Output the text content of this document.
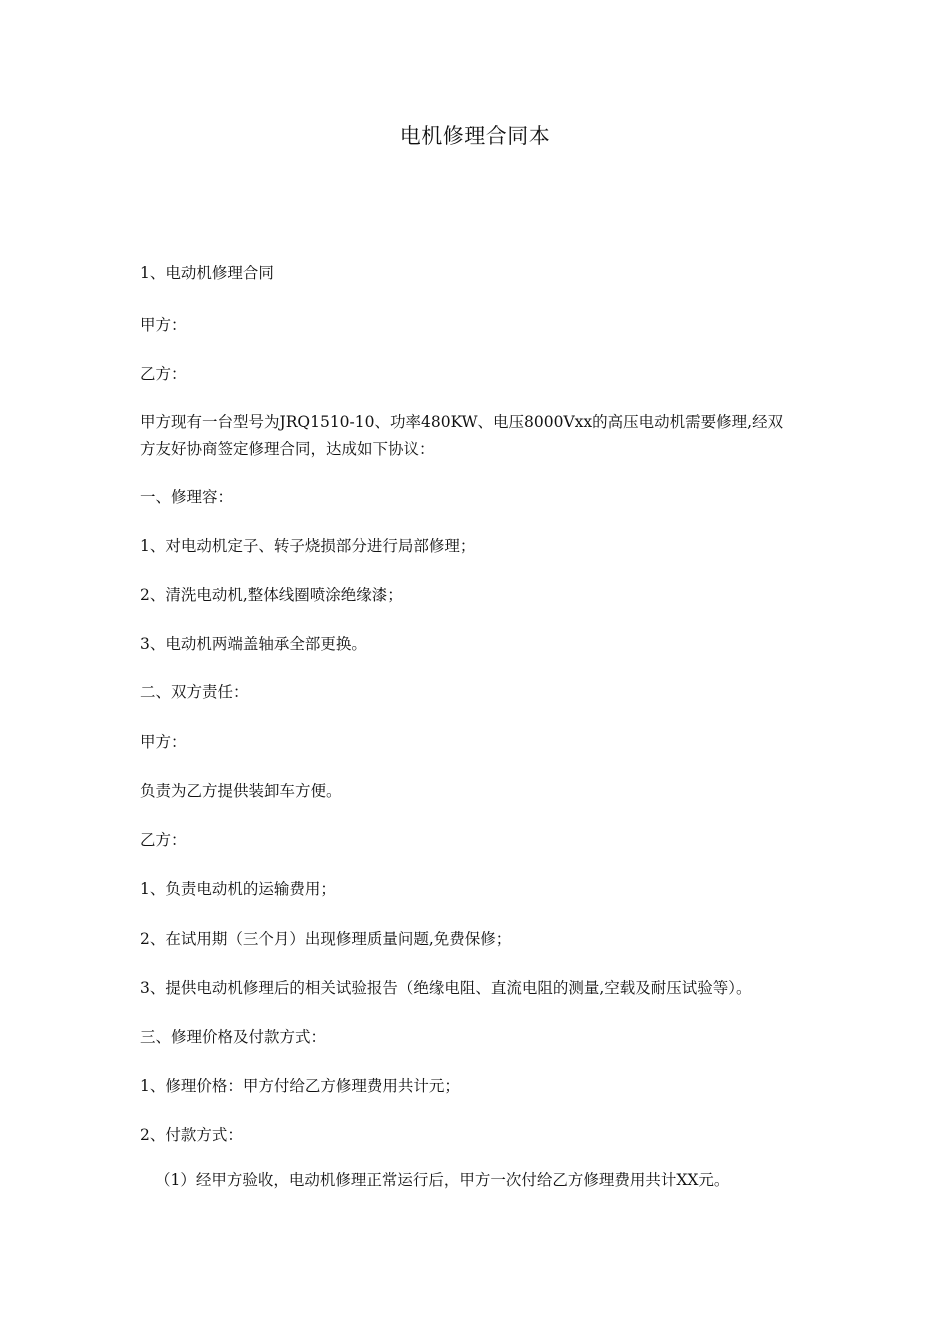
电机修理合同本
1、电动机修理合同
甲方：
乙方：
甲方现有一台型号为JRQ1510-10、功率480KW、电压8000Vxx的高压电动机需要修理,经双
方友好协商签定修理合同，达成如下协议：
一、修理容：
1、对电动机定子、转子烧损部分进行局部修理；
2、清洗电动机,整体线圈喷涂绝缘漆；
3、电动机两端盖轴承全部更换。
二、双方责任：
甲方：
负责为乙方提供装卸车方便。
乙方：
1、负责电动机的运输费用；
2、在试用期（三个月）出现修理质量问题,免费保修；
3、提供电动机修理后的相关试验报告（绝缘电阻、直流电阻的测量,空载及耐压试验等）。
三、修理价格及付款方式：
1、修理价格：甲方付给乙方修理费用共计元；
2、付款方式：
（1）经甲方验收，电动机修理正常运行后，甲方一次付给乙方修理费用共计XX元。
